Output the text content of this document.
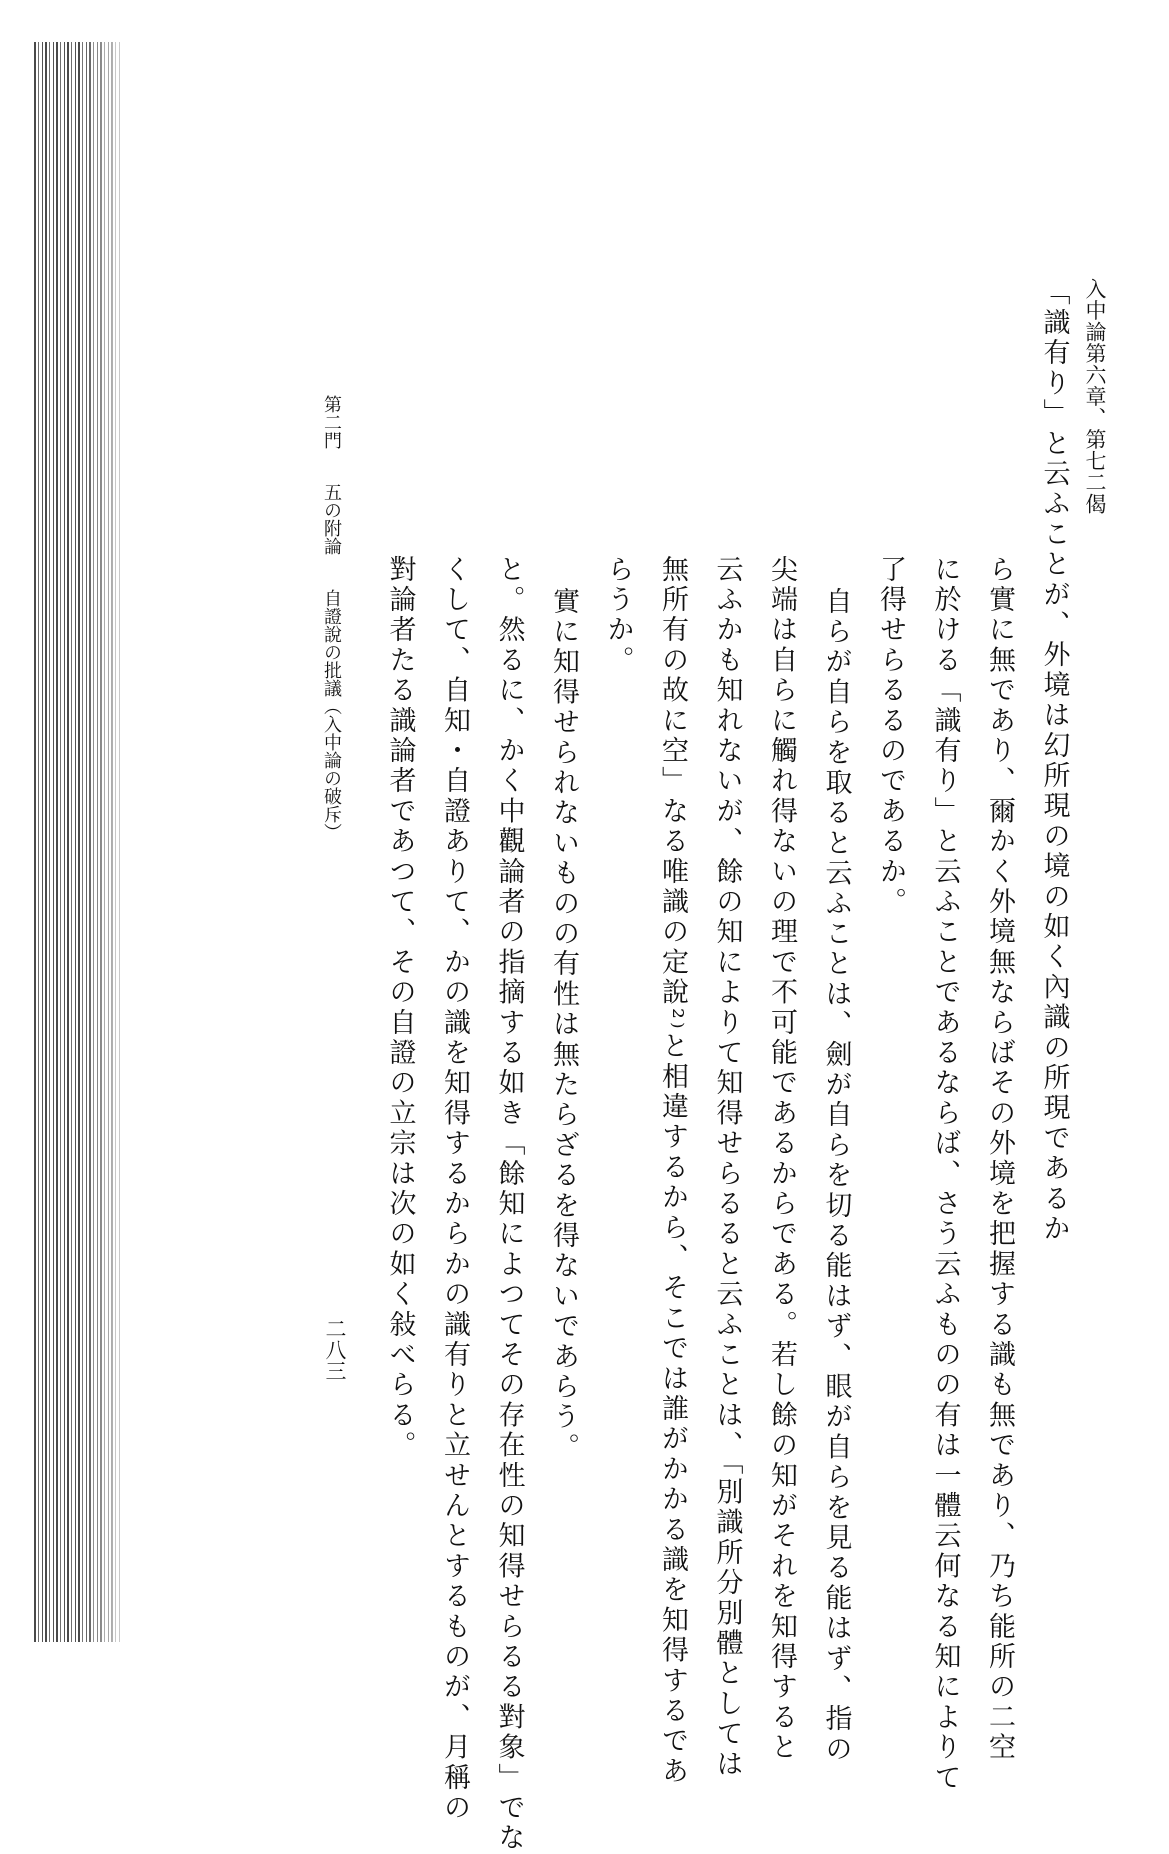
入中論第六章、第七二偈

「識有り」と云ふことが、外境は幻所現の境の如く內識の所現であるか

ら實に無であり、爾かく外境無ならばその外境を把握する識も無であり、乃ち能所の二空

に於ける「識有り」と云ふことであるならば、さう云ふものの有は一體云何なる知によりて

了得せらるるのであるか。

自らが自らを取ると云ふことは、劍が自らを切る能はず、眼が自らを見る能はず、指の

尖端は自らに觸れ得ないの理で不可能であるからである。若し餘の知がそれを知得すると

云ふかも知れないが、餘の知によりて知得せらるると云ふことは、「別識所分別體としては

無所有の故に空」なる唯識の定說²⁾と相違するから、そこでは誰がかかる識を知得するであ

らうか。

實に知得せられないものの有性は無たらざるを得ないであらう。

と。然るに、かく中觀論者の指摘する如き「餘知によつてその存在性の知得せらるる對象」でな

くして、自知・自證ありて、かの識を知得するからかの識有りと立せんとするものが、月稱の

對論者たる識論者であつて、その自證の立宗は次の如く敍べらる。

第二門五の附論自證說の批議（入中論の破斥）
二八三
